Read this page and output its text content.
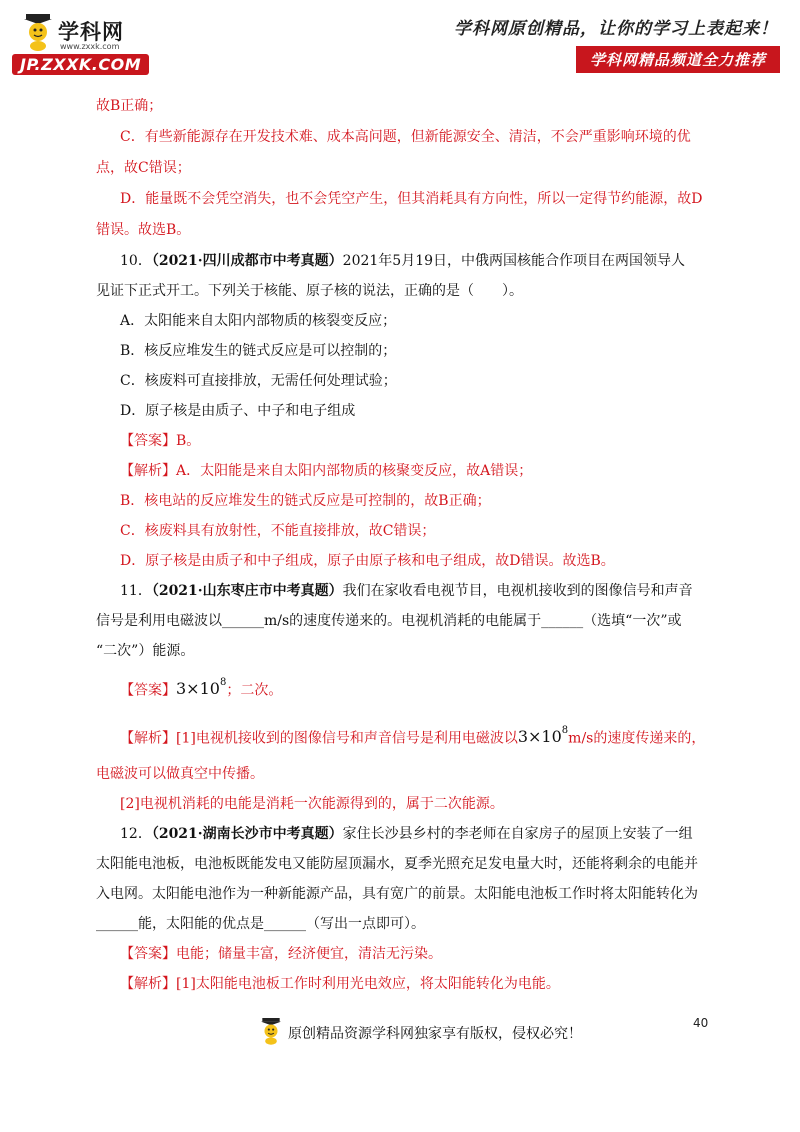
学科网
www.zxxk.com
JP.ZXXK.COM
学科网原创精品，让你的学习上表起来！
学科网精品频道全力推荐
故B正确；
C．有些新能源存在开发技术难、成本高问题，但新能源安全、清洁，不会严重影响环境的优
点，故C错误；
D．能量既不会凭空消失，也不会凭空产生，但其消耗具有方向性，所以一定得节约能源，故D
错误。故选B。
10．（2021·四川成都市中考真题）2021年5月19日，中俄两国核能合作项目在两国领导人
见证下正式开工。下列关于核能、原子核的说法，正确的是（　　）。
A．太阳能来自太阳内部物质的核裂变反应；
B．核反应堆发生的链式反应是可以控制的；
C．核废料可直接排放，无需任何处理试验；
D．原子核是由质子、中子和电子组成
【答案】B。
【解析】A．太阳能是来自太阳内部物质的核聚变反应，故A错误；
B．核电站的反应堆发生的链式反应是可控制的，故B正确；
C．核废料具有放射性，不能直接排放，故C错误；
D．原子核是由质子和中子组成，原子由原子核和电子组成，故D错误。故选B。
11．（2021·山东枣庄市中考真题）我们在家收看电视节目，电视机接收到的图像信号和声音
信号是利用电磁波以______m/s的速度传递来的。电视机消耗的电能属于______（选填“一次”或
“二次”）能源。
【答案】$3\times 10^8$；二次。
【解析】[1]电视机接收到的图像信号和声音信号是利用电磁波以$3\times 10^8m/s$的速度传递来的，
电磁波可以做真空中传播。
[2]电视机消耗的电能是消耗一次能源得到的，属于二次能源。
12．（2021·湖南长沙市中考真题）家住长沙县乡村的李老师在自家房子的屋顶上安装了一组
太阳能电池板，电池板既能发电又能防屋顶漏水，夏季光照充足发电量大时，还能将剩余的电能并
入电网。太阳能电池作为一种新能源产品，具有宽广的前景。太阳能电池板工作时将太阳能转化为
______能，太阳能的优点是______（写出一点即可）。
【答案】电能；储量丰富，经济便宜，清洁无污染。
【解析】[1]太阳能电池板工作时利用光电效应，将太阳能转化为电能。
40
原创精品资源学科网独家享有版权，侵权必究！
